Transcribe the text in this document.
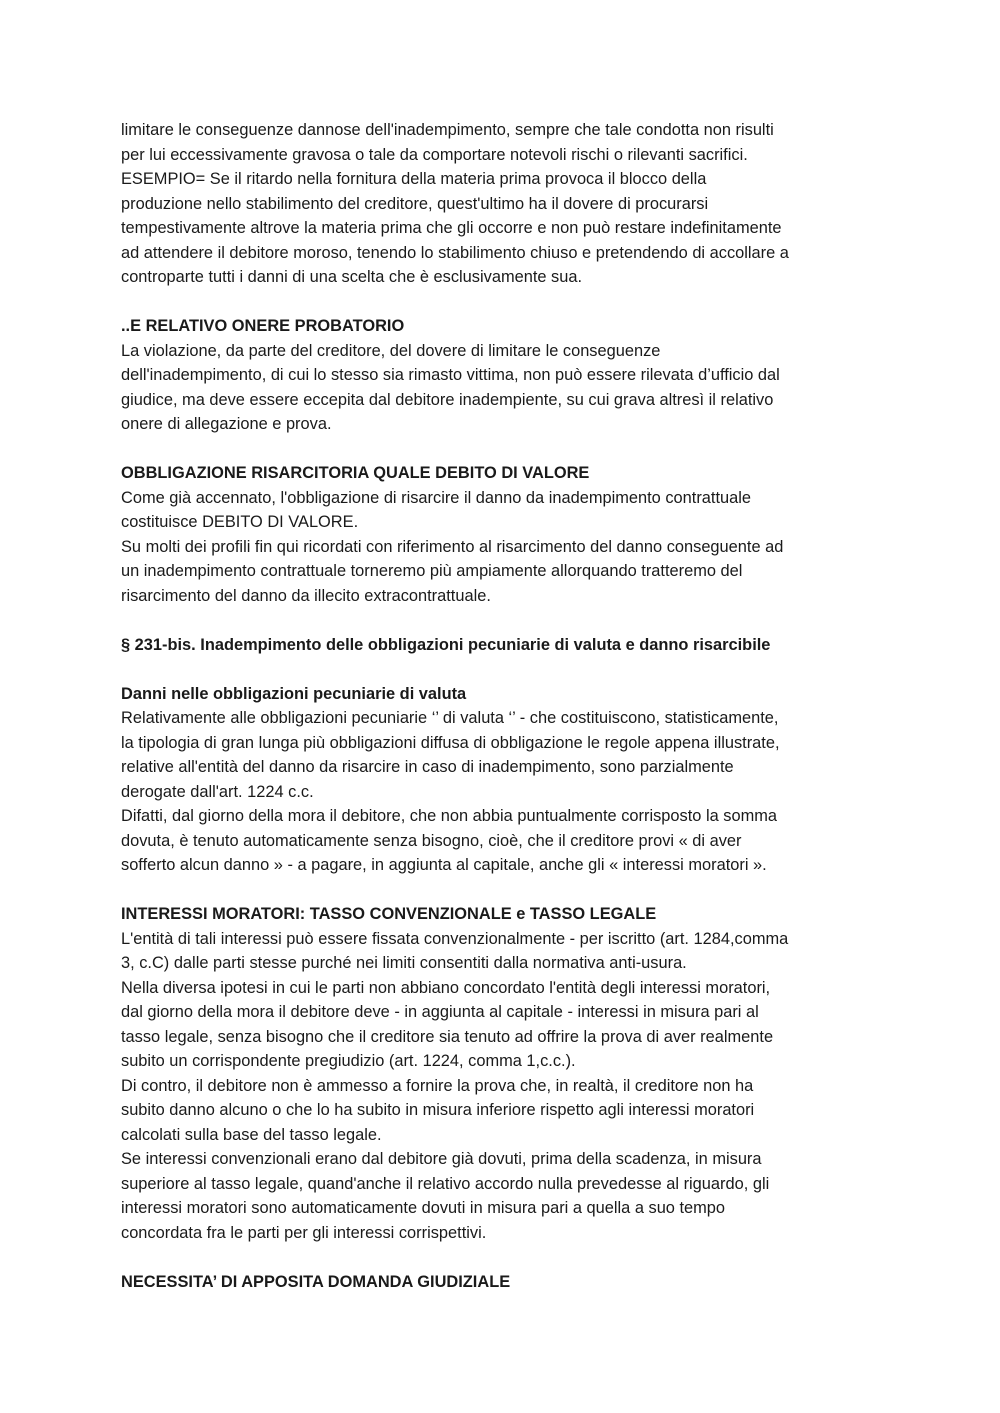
limitare le conseguenze dannose dell'inadempimento, sempre che tale condotta non risulti

per lui eccessivamente gravosa o tale da comportare notevoli rischi o rilevanti sacrifici.

ESEMPIO= Se il ritardo nella fornitura della materia prima provoca il blocco della

produzione nello stabilimento del creditore, quest'ultimo ha il dovere di procurarsi

tempestivamente altrove la materia prima che gli occorre e non può restare indefinitamente

ad attendere il debitore moroso, tenendo lo stabilimento chiuso e pretendendo di accollare a

controparte tutti i danni di una scelta che è esclusivamente sua.

..E RELATIVO ONERE PROBATORIO

La violazione, da parte del creditore, del dovere di limitare le conseguenze

dell'inadempimento, di cui lo stesso sia rimasto vittima, non può essere rilevata d’ufficio dal

giudice, ma deve essere eccepita dal debitore inadempiente, su cui grava altresì il relativo

onere di allegazione e prova.

OBBLIGAZIONE RISARCITORIA QUALE DEBITO DI VALORE

Come già accennato, l'obbligazione di risarcire il danno da inadempimento contrattuale

costituisce DEBITO DI VALORE.

Su molti dei profili fin qui ricordati con riferimento al risarcimento del danno conseguente ad

un inadempimento contrattuale torneremo più ampiamente allorquando tratteremo del

risarcimento del danno da illecito extracontrattuale.

§ 231-bis. Inadempimento delle obbligazioni pecuniarie di valuta e danno risarcibile

Danni nelle obbligazioni pecuniarie di valuta

Relativamente alle obbligazioni pecuniarie ‘’ di valuta ‘’ - che costituiscono, statisticamente,

la tipologia di gran lunga più obbligazioni diffusa di obbligazione le regole appena illustrate,

relative all'entità del danno da risarcire in caso di inadempimento, sono parzialmente

derogate dall'art. 1224 c.c.

Difatti, dal giorno della mora il debitore, che non abbia puntualmente corrisposto la somma

dovuta, è tenuto automaticamente senza bisogno, cioè, che il creditore provi « di aver

sofferto alcun danno » - a pagare, in aggiunta al capitale, anche gli « interessi moratori ».

INTERESSI MORATORI: TASSO CONVENZIONALE e TASSO LEGALE

L'entità di tali interessi può essere fissata convenzionalmente - per iscritto (art. 1284,comma

3, c.C) dalle parti stesse purché nei limiti consentiti dalla normativa anti-usura.

Nella diversa ipotesi in cui le parti non abbiano concordato l'entità degli interessi moratori,

dal giorno della mora il debitore deve - in aggiunta al capitale - interessi in misura pari al

tasso legale, senza bisogno che il creditore sia tenuto ad offrire la prova di aver realmente

subito un corrispondente pregiudizio (art. 1224, comma 1,c.c.).

Di contro, il debitore non è ammesso a fornire la prova che, in realtà, il creditore non ha

subito danno alcuno o che lo ha subito in misura inferiore rispetto agli interessi moratori

calcolati sulla base del tasso legale.

Se interessi convenzionali erano dal debitore già dovuti, prima della scadenza, in misura

superiore al tasso legale, quand'anche il relativo accordo nulla prevedesse al riguardo, gli

interessi moratori sono automaticamente dovuti in misura pari a quella a suo tempo

concordata fra le parti per gli interessi corrispettivi.

NECESSITA’ DI APPOSITA DOMANDA GIUDIZIALE
